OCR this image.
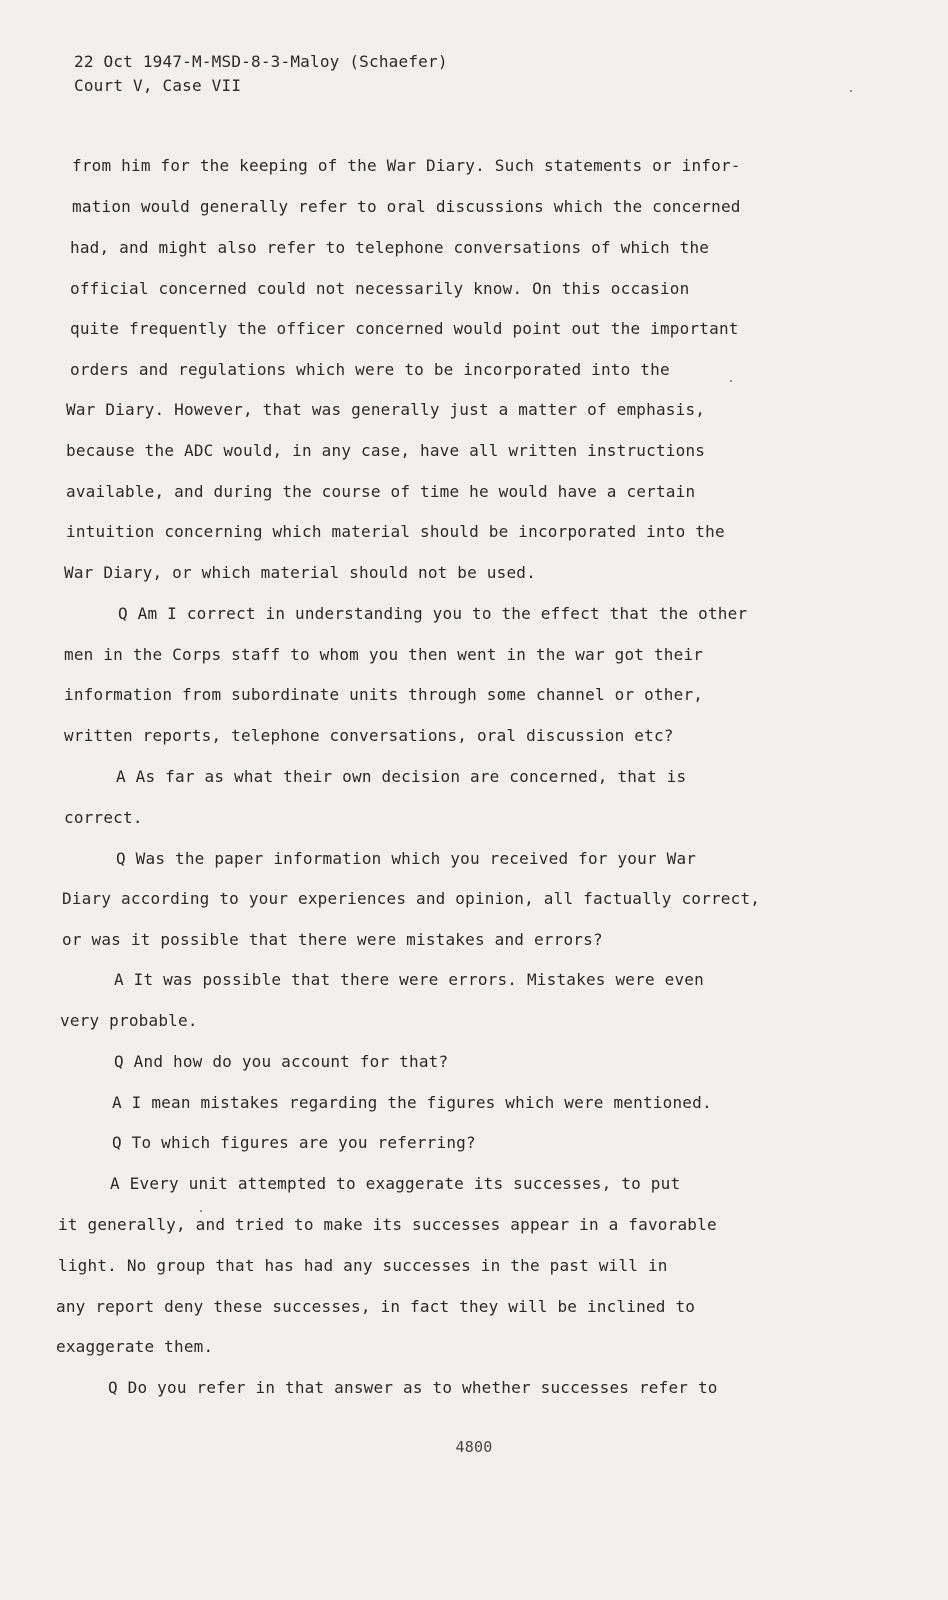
22 Oct 1947-M-MSD-8-3-Maloy (Schaefer)
Court V, Case VII
from him for the keeping of the War Diary. Such statements or infor-
mation would generally refer to oral discussions which the concerned
had, and might also refer to telephone conversations of which the
official concerned could not necessarily know. On this occasion
quite frequently the officer concerned would point out the important
orders and regulations which were to be incorporated into the
War Diary. However, that was generally just a matter of emphasis,
because the ADC would, in any case, have all written instructions
available, and during the course of time he would have a certain
intuition concerning which material should be incorporated into the
War Diary, or which material should not be used.
Q Am I correct in understanding you to the effect that the other
men in the Corps staff to whom you then went in the war got their
information from subordinate units through some channel or other,
written reports, telephone conversations, oral discussion etc?
A As far as what their own decision are concerned, that is
correct.
Q Was the paper information which you received for your War
Diary according to your experiences and opinion, all factually correct,
or was it possible that there were mistakes and errors?
A It was possible that there were errors. Mistakes were even
very probable.
Q And how do you account for that?
A I mean mistakes regarding the figures which were mentioned.
Q To which figures are you referring?
A Every unit attempted to exaggerate its successes, to put
it generally, and tried to make its successes appear in a favorable
light. No group that has had any successes in the past will in
any report deny these successes, in fact they will be inclined to
exaggerate them.
Q Do you refer in that answer as to whether successes refer to
4800
